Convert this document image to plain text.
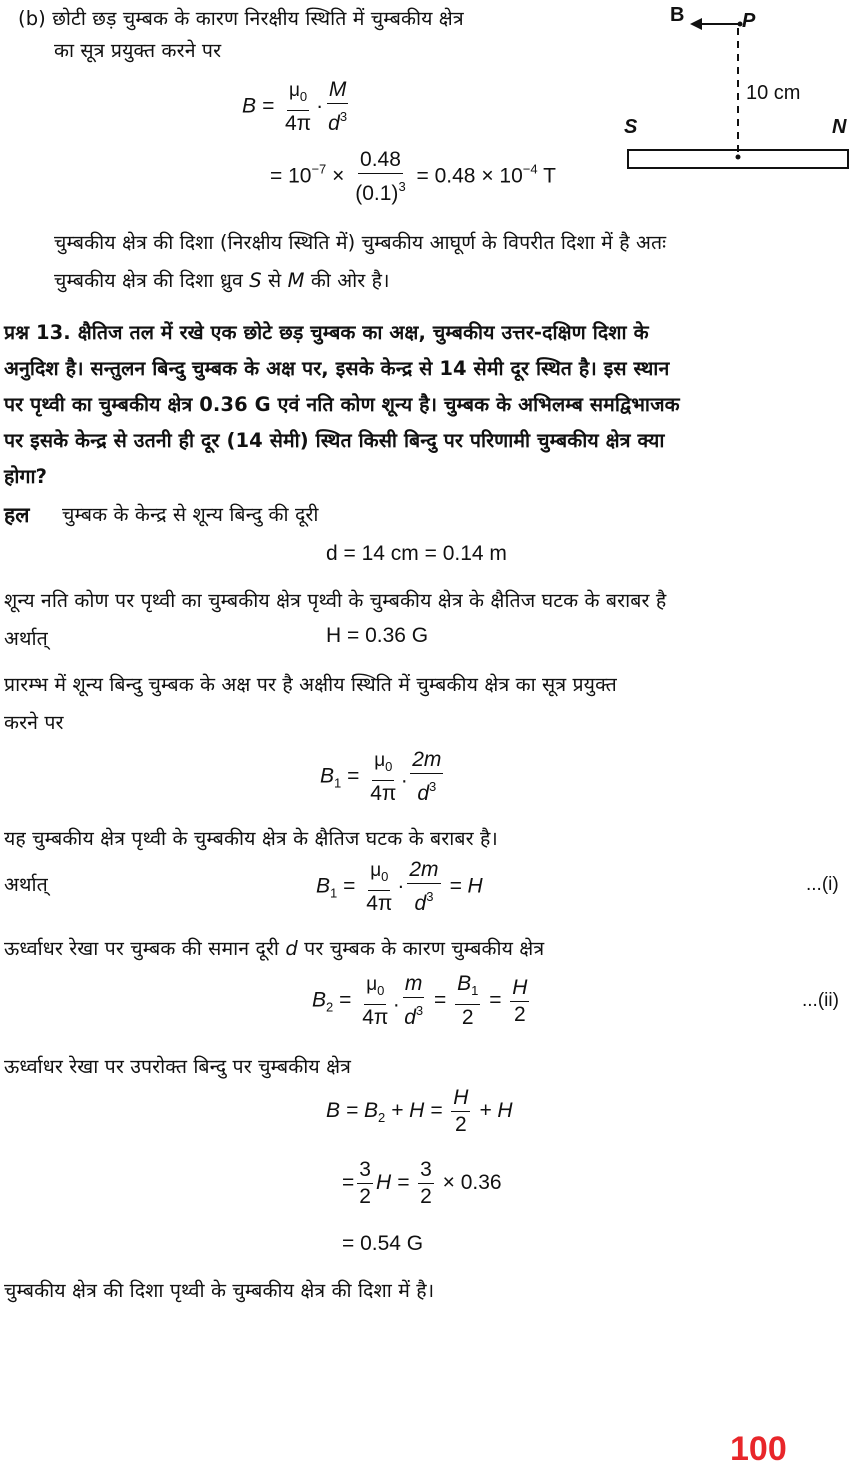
(b) छोटी छड़ चुम्बक के कारण निरक्षीय स्थिति में चुम्बकीय क्षेत्र
का सूत्र प्रयुक्त करने पर
$B = \frac{\mu_0}{4\pi} \cdot \frac{M}{d^3}$
= $10^{-7} \times \frac{0.48}{(0.1)^3} = 0.48 \times 10^{-4}$ T
B	P
10 cm
S	N
चुम्बकीय क्षेत्र की दिशा (निरक्षीय स्थिति में) चुम्बकीय आघूर्ण के विपरीत दिशा में है अतः
चुम्बकीय क्षेत्र की दिशा ध्रुव S से M की ओर है।
प्रश्न 13. क्षैतिज तल में रखे एक छोटे छड़ चुम्बक का अक्ष, चुम्बकीय उत्तर-दक्षिण दिशा के
अनुदिश है। सन्तुलन बिन्दु चुम्बक के अक्ष पर, इसके केन्द्र से 14 सेमी दूर स्थित है। इस स्थान
पर पृथ्वी का चुम्बकीय क्षेत्र 0.36 G एवं नति कोण शून्य है। चुम्बक के अभिलम्ब समद्विभाजक
पर इसके केन्द्र से उतनी ही दूर (14 सेमी) स्थित किसी बिन्दु पर परिणामी चुम्बकीय क्षेत्र क्या
होगा?
हल चुम्बक के केन्द्र से शून्य बिन्दु की दूरी
d = 14 cm = 0.14 m
शून्य नति कोण पर पृथ्वी का चुम्बकीय क्षेत्र पृथ्वी के चुम्बकीय क्षेत्र के क्षैतिज घटक के बराबर है
अर्थात्	H = 0.36 G
प्रारम्भ में शून्य बिन्दु चुम्बक के अक्ष पर है अक्षीय स्थिति में चुम्बकीय क्षेत्र का सूत्र प्रयुक्त
करने पर
$B_1 = \frac{\mu_0}{4\pi}$ . $\frac{2m}{d^3}$
यह चुम्बकीय क्षेत्र पृथ्वी के चुम्बकीय क्षेत्र के क्षैतिज घटक के बराबर है।
अर्थात्	$B_1 = \frac{\mu_0}{4\pi} \cdot \frac{2m}{d^3} = H$	...(i)
ऊर्ध्वाधर रेखा पर चुम्बक की समान दूरी d पर चुम्बक के कारण चुम्बकीय क्षेत्र
$B_2 = \frac{\mu_0}{4\pi}$ . $\frac{m}{d^3} = \frac{B_1}{2} = \frac{H}{2}$	...(ii)
ऊर्ध्वाधर रेखा पर उपरोक्त बिन्दु पर चुम्बकीय क्षेत्र
$B = B_2 + H = \frac{H}{2} + H$
= $\frac{3}{2}$ $H = \frac{3}{2} \times 0.36$
= 0.54 G
चुम्बकीय क्षेत्र की दिशा पृथ्वी के चुम्बकीय क्षेत्र की दिशा में है।
100
